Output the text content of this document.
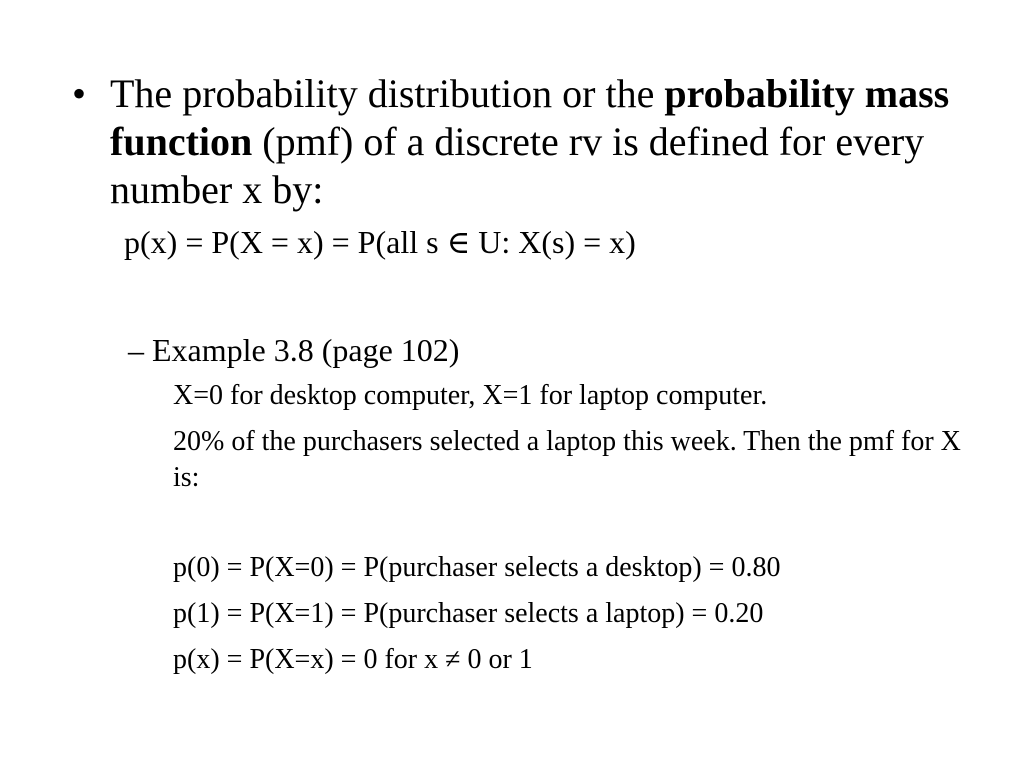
• The probability distribution or the probability mass function (pmf) of a discrete rv is defined for every number x by:
p(x) = P(X = x) = P(all s ∈ U: X(s) = x)
– Example 3.8 (page 102)
X=0 for desktop computer, X=1 for laptop computer.
20% of the purchasers selected a laptop this week. Then the pmf for X is:
p(0) = P(X=0) = P(purchaser selects a desktop) = 0.80
p(1) = P(X=1) = P(purchaser selects a laptop) = 0.20
p(x) = P(X=x) = 0 for x ≠ 0 or 1
